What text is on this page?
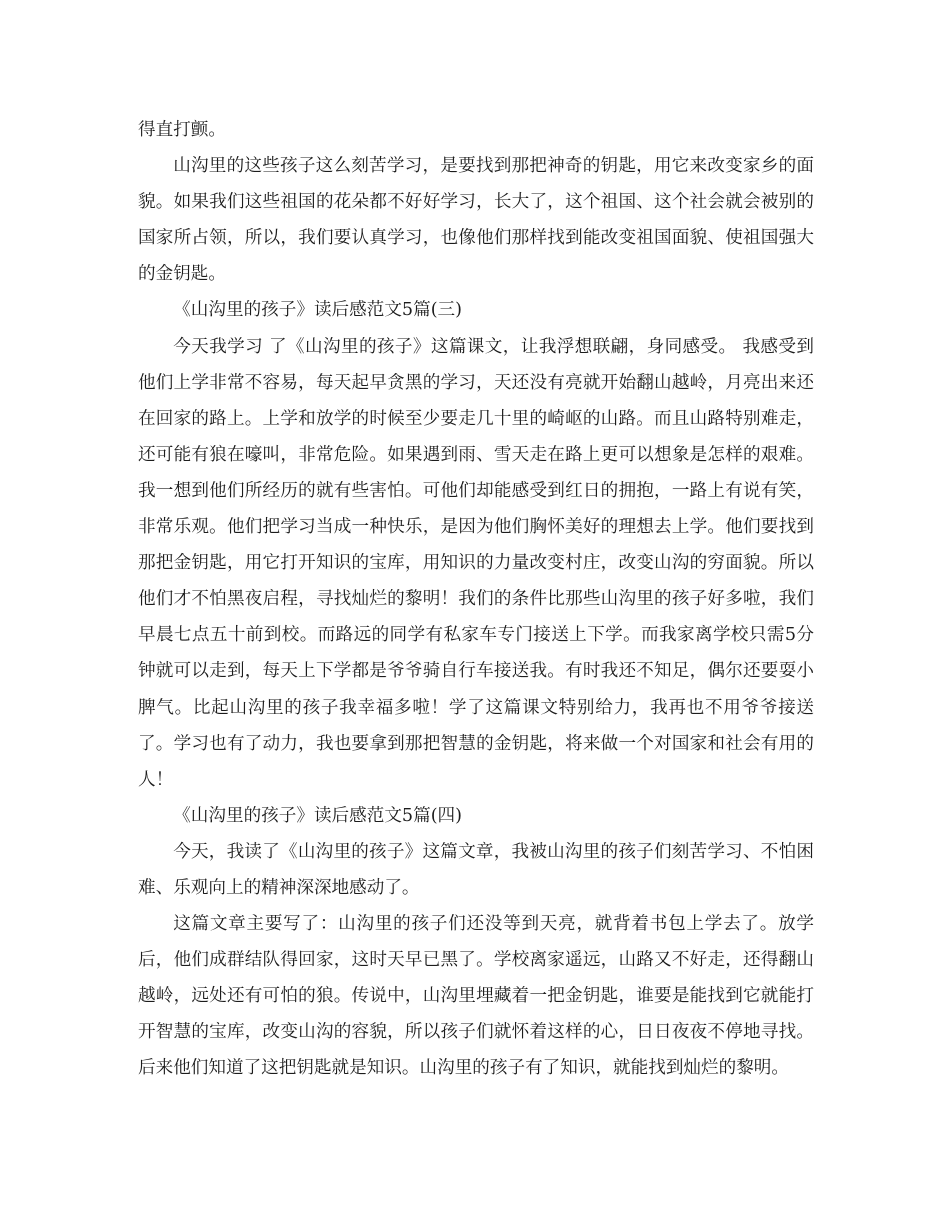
得直打颤。

山沟里的这些孩子这么刻苦学习，是要找到那把神奇的钥匙，用它来改变家乡的面貌。如果我们这些祖国的花朵都不好好学习，长大了，这个祖国、这个社会就会被别的国家所占领，所以，我们要认真学习，也像他们那样找到能改变祖国面貌、使祖国强大的金钥匙。

《山沟里的孩子》读后感范文5篇(三)

今天我学习 了《山沟里的孩子》这篇课文，让我浮想联翩，身同感受。 我感受到他们上学非常不容易，每天起早贪黑的学习，天还没有亮就开始翻山越岭，月亮出来还在回家的路上。上学和放学的时候至少要走几十里的崎岖的山路。而且山路特别难走，还可能有狼在嚎叫，非常危险。如果遇到雨、雪天走在路上更可以想象是怎样的艰难。我一想到他们所经历的就有些害怕。可他们却能感受到红日的拥抱，一路上有说有笑，非常乐观。他们把学习当成一种快乐，是因为他们胸怀美好的理想去上学。他们要找到那把金钥匙，用它打开知识的宝库，用知识的力量改变村庄，改变山沟的穷面貌。所以他们才不怕黑夜启程，寻找灿烂的黎明！我们的条件比那些山沟里的孩子好多啦，我们早晨七点五十前到校。而路远的同学有私家车专门接送上下学。而我家离学校只需5分钟就可以走到，每天上下学都是爷爷骑自行车接送我。有时我还不知足，偶尔还要耍小脾气。比起山沟里的孩子我幸福多啦！学了这篇课文特别给力，我再也不用爷爷接送了。学习也有了动力，我也要拿到那把智慧的金钥匙，将来做一个对国家和社会有用的人！

《山沟里的孩子》读后感范文5篇(四)

今天，我读了《山沟里的孩子》这篇文章，我被山沟里的孩子们刻苦学习、不怕困难、乐观向上的精神深深地感动了。

这篇文章主要写了：山沟里的孩子们还没等到天亮，就背着书包上学去了。放学后，他们成群结队得回家，这时天早已黑了。学校离家遥远，山路又不好走，还得翻山越岭，远处还有可怕的狼。传说中，山沟里埋藏着一把金钥匙，谁要是能找到它就能打开智慧的宝库，改变山沟的容貌，所以孩子们就怀着这样的心，日日夜夜不停地寻找。后来他们知道了这把钥匙就是知识。山沟里的孩子有了知识，就能找到灿烂的黎明。
